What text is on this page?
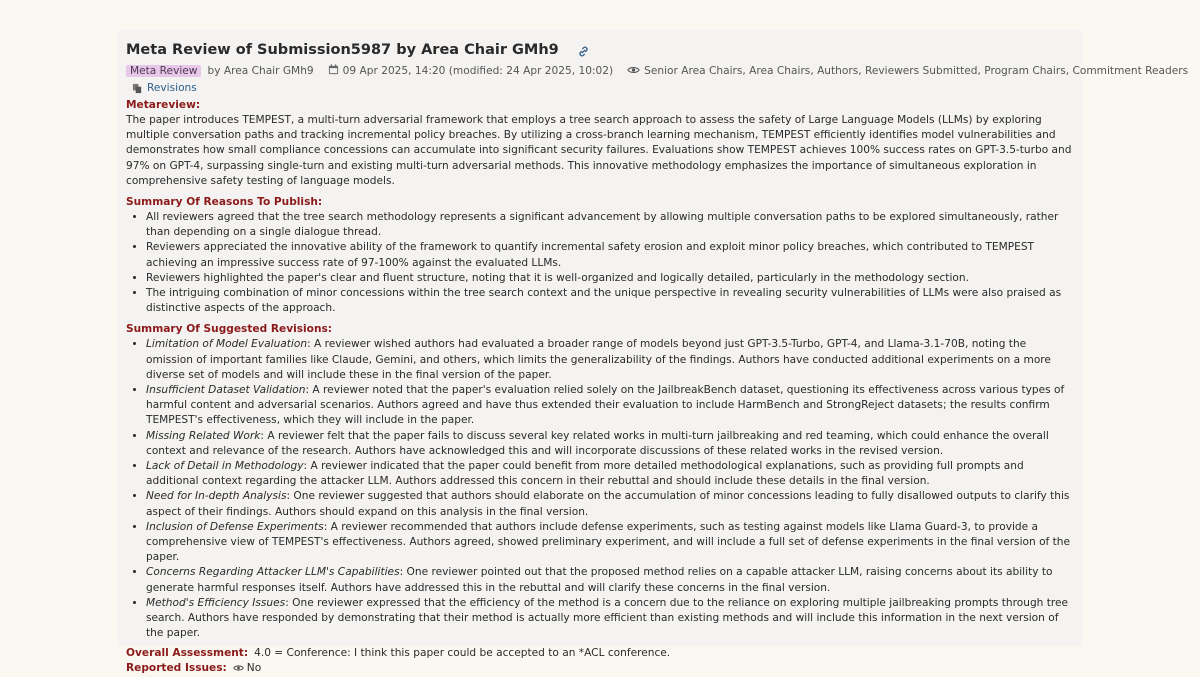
Meta Review of Submission5987 by Area Chair GMh9
Meta Review by Area Chair GMh9	09 Apr 2025, 14:20 (modified: 24 Apr 2025, 10:02)	Senior Area Chairs, Area Chairs, Authors, Reviewers Submitted, Program Chairs, Commitment Readers
Revisions
Metareview:

The paper introduces TEMPEST, a multi-turn adversarial framework that employs a tree search approach to assess the safety of Large Language Models (LLMs) by exploring multiple conversation paths and tracking incremental policy breaches. By utilizing a cross-branch learning mechanism, TEMPEST efficiently identifies model vulnerabilities and demonstrates how small compliance concessions can accumulate into significant security failures. Evaluations show TEMPEST achieves 100% success rates on GPT-3.5-turbo and 97% on GPT-4, surpassing single-turn and existing multi-turn adversarial methods. This innovative methodology emphasizes the importance of simultaneous exploration in comprehensive safety testing of language models.

Summary Of Reasons To Publish:
• All reviewers agreed that the tree search methodology represents a significant advancement by allowing multiple conversation paths to be explored simultaneously, rather than depending on a single dialogue thread.
• Reviewers appreciated the innovative ability of the framework to quantify incremental safety erosion and exploit minor policy breaches, which contributed to TEMPEST achieving an impressive success rate of 97-100% against the evaluated LLMs.
• Reviewers highlighted the paper's clear and fluent structure, noting that it is well-organized and logically detailed, particularly in the methodology section.
• The intriguing combination of minor concessions within the tree search context and the unique perspective in revealing security vulnerabilities of LLMs were also praised as distinctive aspects of the approach.
Summary Of Suggested Revisions:
• Limitation of Model Evaluation: A reviewer wished authors had evaluated a broader range of models beyond just GPT-3.5-Turbo, GPT-4, and Llama-3.1-70B, noting the omission of important families like Claude, Gemini, and others, which limits the generalizability of the findings. Authors have conducted additional experiments on a more diverse set of models and will include these in the final version of the paper.
• Insufficient Dataset Validation: A reviewer noted that the paper's evaluation relied solely on the JailbreakBench dataset, questioning its effectiveness across various types of harmful content and adversarial scenarios. Authors agreed and have thus extended their evaluation to include HarmBench and StrongReject datasets; the results confirm TEMPEST's effectiveness, which they will include in the paper.
• Missing Related Work: A reviewer felt that the paper fails to discuss several key related works in multi-turn jailbreaking and red teaming, which could enhance the overall context and relevance of the research. Authors have acknowledged this and will incorporate discussions of these related works in the revised version.
• Lack of Detail in Methodology: A reviewer indicated that the paper could benefit from more detailed methodological explanations, such as providing full prompts and additional context regarding the attacker LLM. Authors addressed this concern in their rebuttal and should include these details in the final version.
• Need for In-depth Analysis: One reviewer suggested that authors should elaborate on the accumulation of minor concessions leading to fully disallowed outputs to clarify this aspect of their findings. Authors should expand on this analysis in the final version.
• Inclusion of Defense Experiments: A reviewer recommended that authors include defense experiments, such as testing against models like Llama Guard-3, to provide a comprehensive view of TEMPEST's effectiveness. Authors agreed, showed preliminary experiment, and will include a full set of defense experiments in the final version of the paper.
• Concerns Regarding Attacker LLM's Capabilities: One reviewer pointed out that the proposed method relies on a capable attacker LLM, raising concerns about its ability to generate harmful responses itself. Authors have addressed this in the rebuttal and will clarify these concerns in the final version.
• Method's Efficiency Issues: One reviewer expressed that the efficiency of the method is a concern due to the reliance on exploring multiple jailbreaking prompts through tree search. Authors have responded by demonstrating that their method is actually more efficient than existing methods and will include this information in the next version of the paper.
Overall Assessment: 4.0 = Conference: I think this paper could be accepted to an *ACL conference.
Reported Issues: No
